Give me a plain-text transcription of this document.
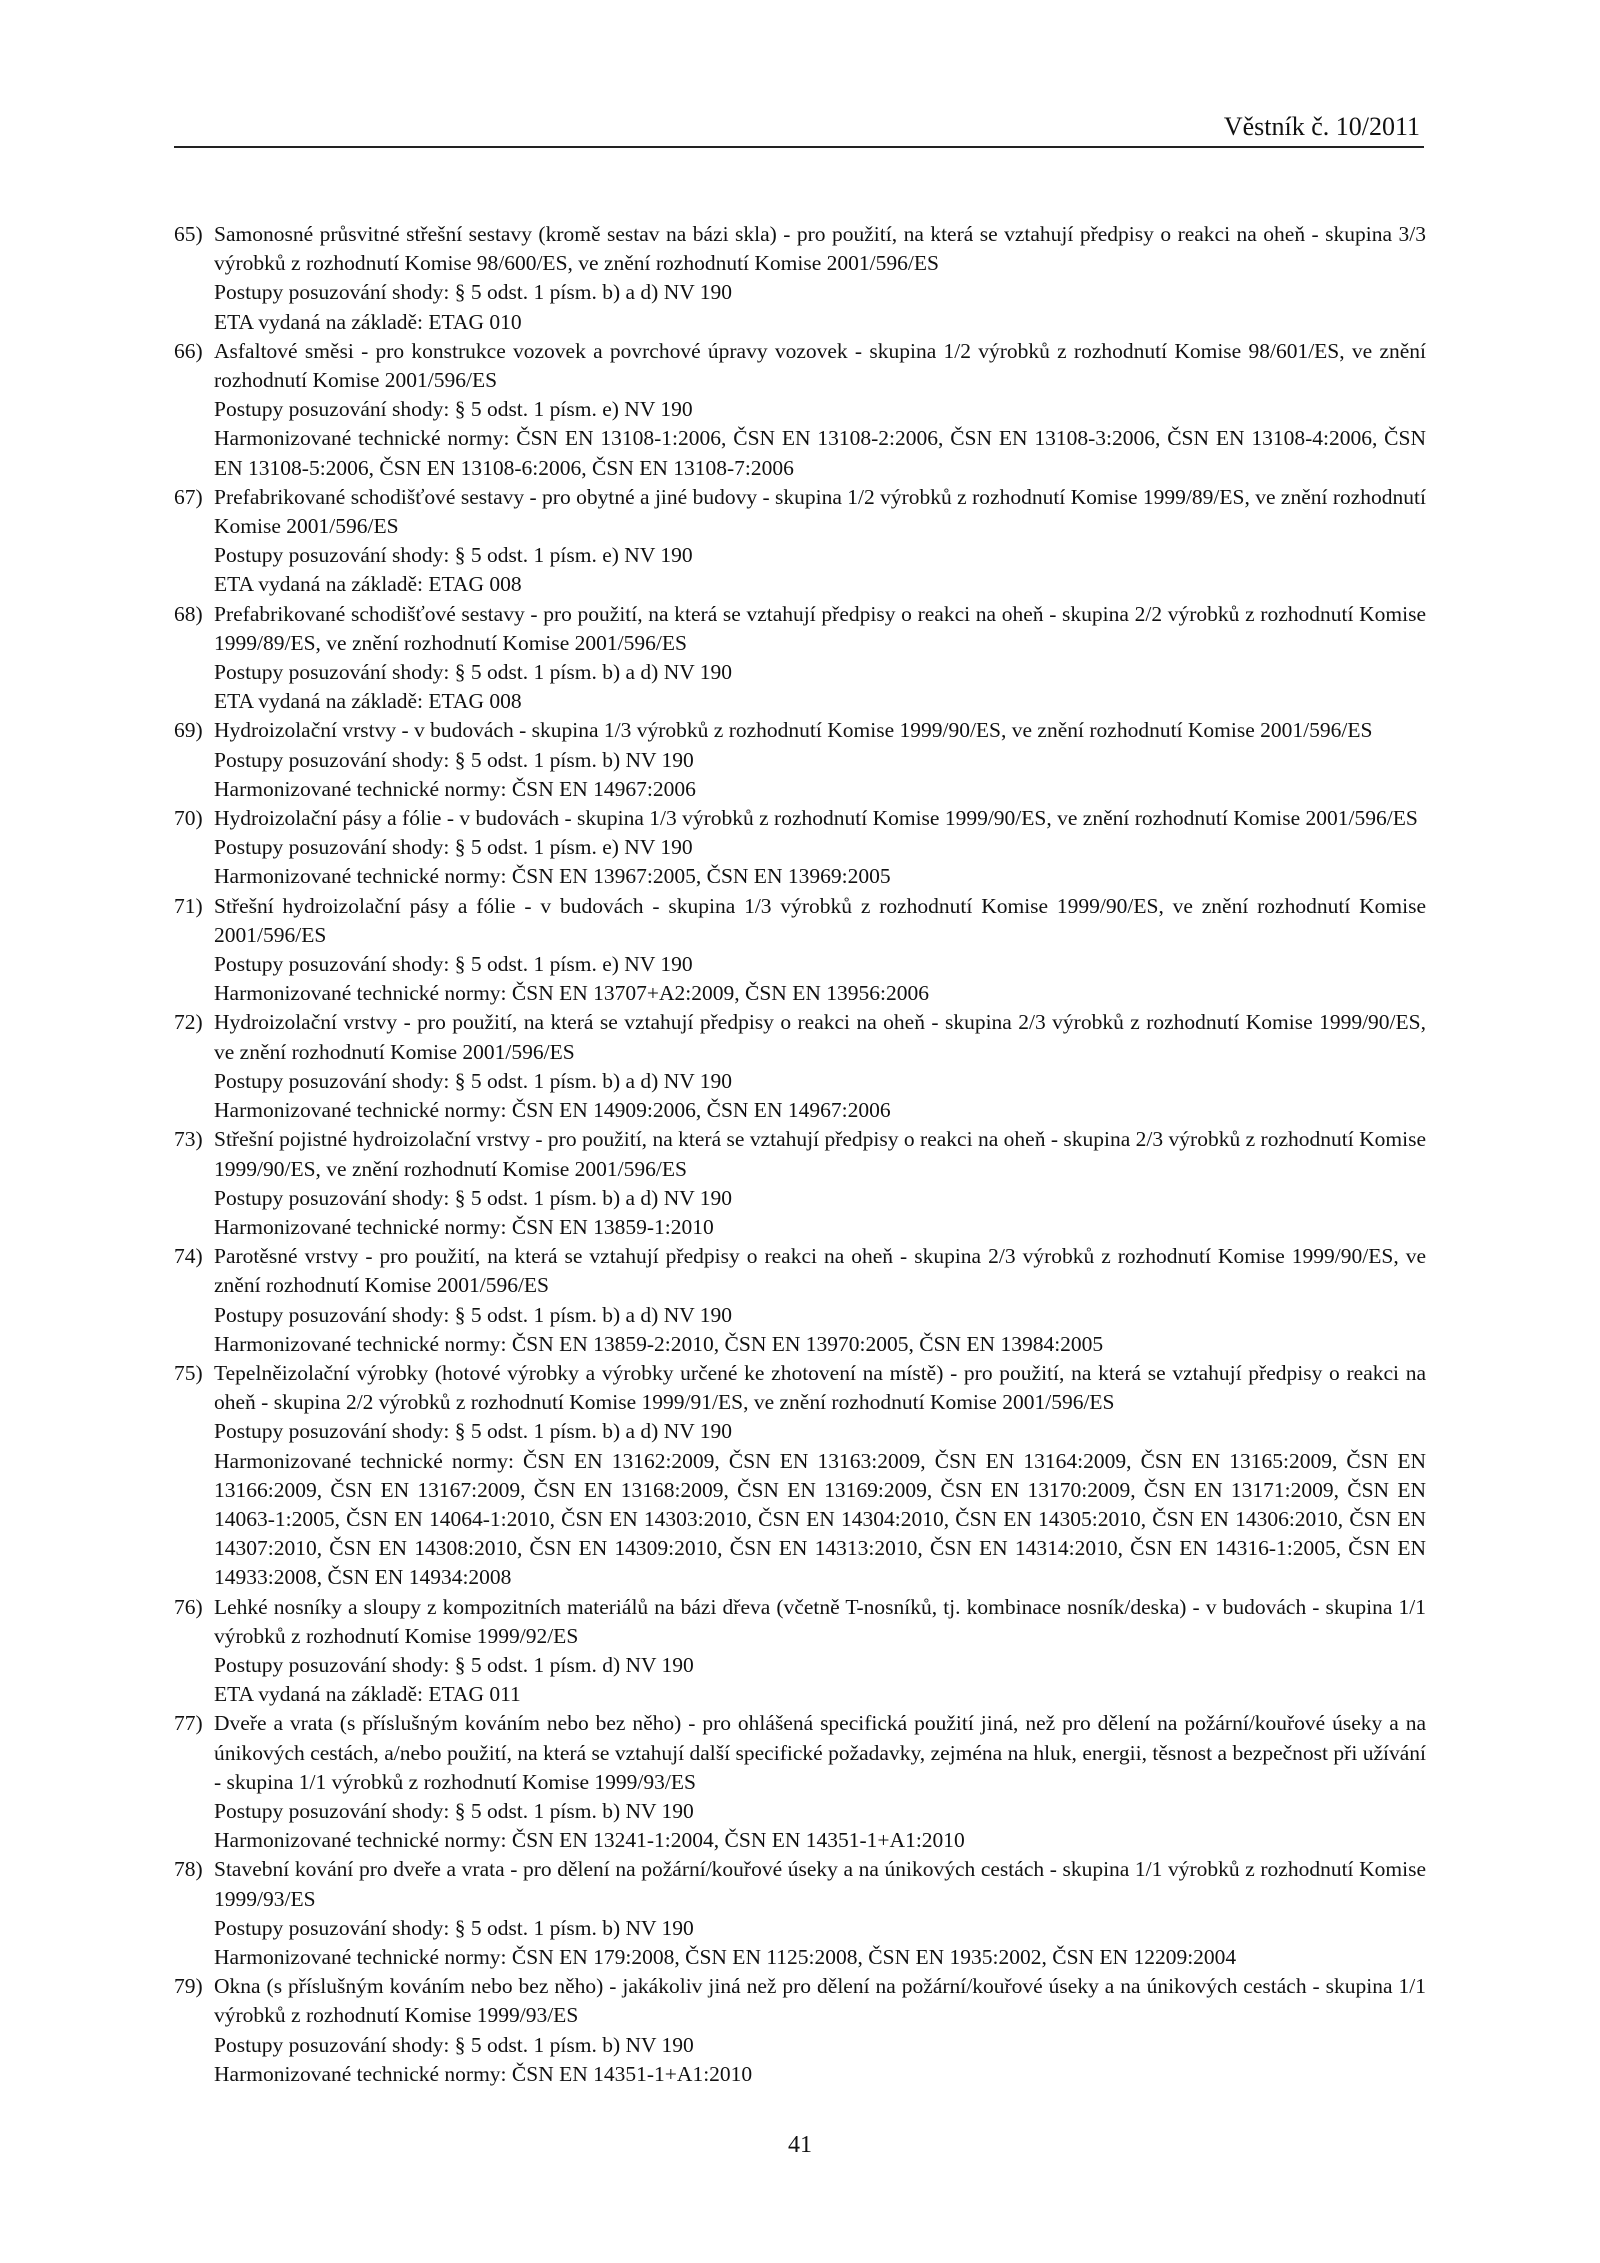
Věstník č. 10/2011
65) Samonosné průsvitné střešní sestavy (kromě sestav na bázi skla) - pro použití, na která se vztahují předpisy o reakci na oheň - skupina 3/3 výrobků z rozhodnutí Komise 98/600/ES, ve znění rozhodnutí Komise 2001/596/ES
Postupy posuzování shody: § 5 odst. 1 písm. b) a d) NV 190
ETA vydaná na základě: ETAG 010
66) Asfaltové směsi - pro konstrukce vozovek a povrchové úpravy vozovek - skupina 1/2 výrobků z rozhodnutí Komise 98/601/ES, ve znění rozhodnutí Komise 2001/596/ES
Postupy posuzování shody: § 5 odst. 1 písm. e) NV 190
Harmonizované technické normy: ČSN EN 13108-1:2006, ČSN EN 13108-2:2006, ČSN EN 13108-3:2006, ČSN EN 13108-4:2006, ČSN EN 13108-5:2006, ČSN EN 13108-6:2006, ČSN EN 13108-7:2006
67) Prefabrikované schodišťové sestavy - pro obytné a jiné budovy - skupina 1/2 výrobků z rozhodnutí Komise 1999/89/ES, ve znění rozhodnutí Komise 2001/596/ES
Postupy posuzování shody: § 5 odst. 1 písm. e) NV 190
ETA vydaná na základě: ETAG 008
68) Prefabrikované schodišťové sestavy - pro použití, na která se vztahují předpisy o reakci na oheň - skupina 2/2 výrobků z rozhodnutí Komise 1999/89/ES, ve znění rozhodnutí Komise 2001/596/ES
Postupy posuzování shody: § 5 odst. 1 písm. b) a d) NV 190
ETA vydaná na základě: ETAG 008
69) Hydroizolační vrstvy - v budovách - skupina 1/3 výrobků z rozhodnutí Komise 1999/90/ES, ve znění rozhodnutí Komise 2001/596/ES
Postupy posuzování shody: § 5 odst. 1 písm. b) NV 190
Harmonizované technické normy: ČSN EN 14967:2006
70) Hydroizolační pásy a fólie - v budovách - skupina 1/3 výrobků z rozhodnutí Komise 1999/90/ES, ve znění rozhodnutí Komise 2001/596/ES
Postupy posuzování shody: § 5 odst. 1 písm. e) NV 190
Harmonizované technické normy: ČSN EN 13967:2005, ČSN EN 13969:2005
71) Střešní hydroizolační pásy a fólie - v budovách - skupina 1/3 výrobků z rozhodnutí Komise 1999/90/ES, ve znění rozhodnutí Komise 2001/596/ES
Postupy posuzování shody: § 5 odst. 1 písm. e) NV 190
Harmonizované technické normy: ČSN EN 13707+A2:2009, ČSN EN 13956:2006
72) Hydroizolační vrstvy - pro použití, na která se vztahují předpisy o reakci na oheň - skupina 2/3 výrobků z rozhodnutí Komise 1999/90/ES, ve znění rozhodnutí Komise 2001/596/ES
Postupy posuzování shody: § 5 odst. 1 písm. b) a d) NV 190
Harmonizované technické normy: ČSN EN 14909:2006, ČSN EN 14967:2006
73) Střešní pojistné hydroizolační vrstvy - pro použití, na která se vztahují předpisy o reakci na oheň - skupina 2/3 výrobků z rozhodnutí Komise 1999/90/ES, ve znění rozhodnutí Komise 2001/596/ES
Postupy posuzování shody: § 5 odst. 1 písm. b) a d) NV 190
Harmonizované technické normy: ČSN EN 13859-1:2010
74) Parotěsné vrstvy - pro použití, na která se vztahují předpisy o reakci na oheň - skupina 2/3 výrobků z rozhodnutí Komise 1999/90/ES, ve znění rozhodnutí Komise 2001/596/ES
Postupy posuzování shody: § 5 odst. 1 písm. b) a d) NV 190
Harmonizované technické normy: ČSN EN 13859-2:2010, ČSN EN 13970:2005, ČSN EN 13984:2005
75) Tepelněizolační výrobky (hotové výrobky a výrobky určené ke zhotovení na místě) - pro použití, na která se vztahují předpisy o reakci na oheň - skupina 2/2 výrobků z rozhodnutí Komise 1999/91/ES, ve znění rozhodnutí Komise 2001/596/ES
Postupy posuzování shody: § 5 odst. 1 písm. b) a d) NV 190
Harmonizované technické normy: ČSN EN 13162:2009, ČSN EN 13163:2009, ČSN EN 13164:2009, ČSN EN 13165:2009, ČSN EN 13166:2009, ČSN EN 13167:2009, ČSN EN 13168:2009, ČSN EN 13169:2009, ČSN EN 13170:2009, ČSN EN 13171:2009, ČSN EN 14063-1:2005, ČSN EN 14064-1:2010, ČSN EN 14303:2010, ČSN EN 14304:2010, ČSN EN 14305:2010, ČSN EN 14306:2010, ČSN EN 14307:2010, ČSN EN 14308:2010, ČSN EN 14309:2010, ČSN EN 14313:2010, ČSN EN 14314:2010, ČSN EN 14316-1:2005, ČSN EN 14933:2008, ČSN EN 14934:2008
76) Lehké nosníky a sloupy z kompozitních materiálů na bázi dřeva (včetně T-nosníků, tj. kombinace nosník/deska) - v budovách - skupina 1/1 výrobků z rozhodnutí Komise 1999/92/ES
Postupy posuzování shody: § 5 odst. 1 písm. d) NV 190
ETA vydaná na základě: ETAG 011
77) Dveře a vrata (s příslušným kováním nebo bez něho) - pro ohlášená specifická použití jiná, než pro dělení na požární/kouřové úseky a na únikových cestách, a/nebo použití, na která se vztahují další specifické požadavky, zejména na hluk, energii, těsnost a bezpečnost při užívání - skupina 1/1 výrobků z rozhodnutí Komise 1999/93/ES
Postupy posuzování shody: § 5 odst. 1 písm. b) NV 190
Harmonizované technické normy: ČSN EN 13241-1:2004, ČSN EN 14351-1+A1:2010
78) Stavební kování pro dveře a vrata - pro dělení na požární/kouřové úseky a na únikových cestách - skupina 1/1 výrobků z rozhodnutí Komise 1999/93/ES
Postupy posuzování shody: § 5 odst. 1 písm. b) NV 190
Harmonizované technické normy: ČSN EN 179:2008, ČSN EN 1125:2008, ČSN EN 1935:2002, ČSN EN 12209:2004
79) Okna (s příslušným kováním nebo bez něho) - jakákoliv jiná než pro dělení na požární/kouřové úseky a na únikových cestách - skupina 1/1 výrobků z rozhodnutí Komise 1999/93/ES
Postupy posuzování shody: § 5 odst. 1 písm. b) NV 190
Harmonizované technické normy: ČSN EN 14351-1+A1:2010
41
